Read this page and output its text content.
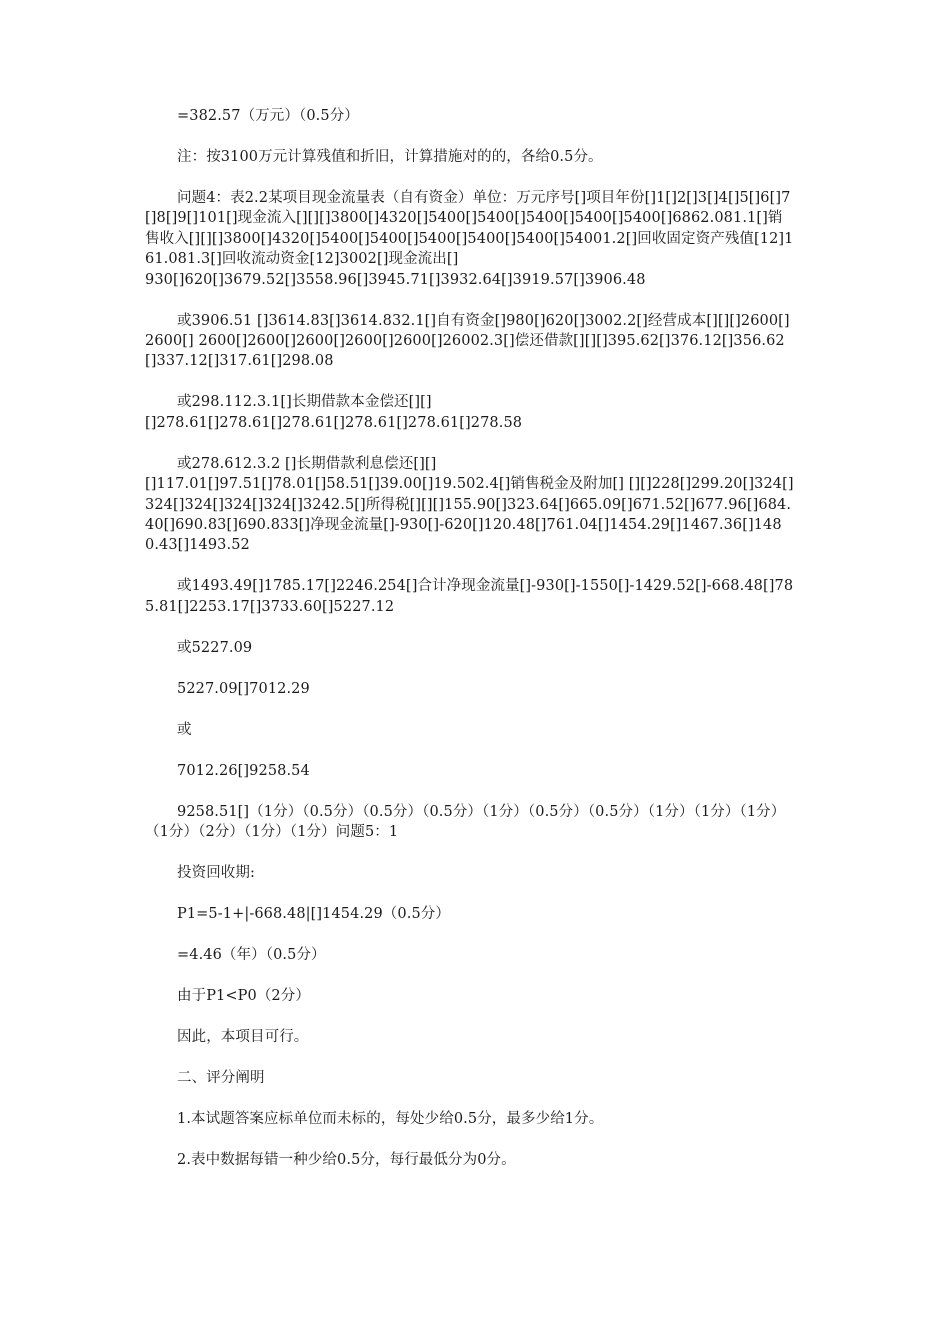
=382.57（万元）（0.5分）

注：按3100万元计算残值和折旧，计算措施对的的，各给0.5分。

问题4：表2.2某项目现金流量表（自有资金）单位：万元序号[]项目年份[]1[]2[]3[]4[]5[]6[]7[]8[]9[]101[]现金流入[][][]3800[]4320[]5400[]5400[]5400[]5400[]5400[]6862.081.1[]销售收入[][][]3800[]4320[]5400[]5400[]5400[]5400[]5400[]54001.2[]回收固定资产残值[12]161.081.3[]回收流动资金[12]3002[]现金流出[]
930[]620[]3679.52[]3558.96[]3945.71[]3932.64[]3919.57[]3906.48

或3906.51 []3614.83[]3614.832.1[]自有资金[]980[]620[]3002.2[]经营成本[][][]2600[]2600[] 2600[]2600[]2600[]2600[]2600[]26002.3[]偿还借款[][][]395.62[]376.12[]356.62 []337.12[]317.61[]298.08

或298.112.3.1[]长期借款本金偿还[][]
[]278.61[]278.61[]278.61[]278.61[]278.61[]278.58

或278.612.3.2 []长期借款利息偿还[][]
[]117.01[]97.51[]78.01[]58.51[]39.00[]19.502.4[]销售税金及附加[] [][]228[]299.20[]324[]324[]324[]324[]324[]3242.5[]所得税[][][]155.90[]323.64[]665.09[]671.52[]677.96[]684.40[]690.83[]690.833[]净现金流量[]-930[]-620[]120.48[]761.04[]1454.29[]1467.36[]1480.43[]1493.52

或1493.49[]1785.17[]2246.254[]合计净现金流量[]-930[]-1550[]-1429.52[]-668.48[]785.81[]2253.17[]3733.60[]5227.12

或5227.09

5227.09[]7012.29

或

7012.26[]9258.54

9258.51[]（1分）（0.5分）（0.5分）（0.5分）（1分）（0.5分）（0.5分）（1分）（1分）（1分）（1分）（2分）（1分）（1分）问题5：1

投资回收期:

P1=5-1+|-668.48|[]1454.29（0.5分）

=4.46（年）（0.5分）

由于P1<P0（2分）

因此，本项目可行。

二、评分阐明

1.本试题答案应标单位而未标的，每处少给0.5分，最多少给1分。

2.表中数据每错一种少给0.5分，每行最低分为0分。
